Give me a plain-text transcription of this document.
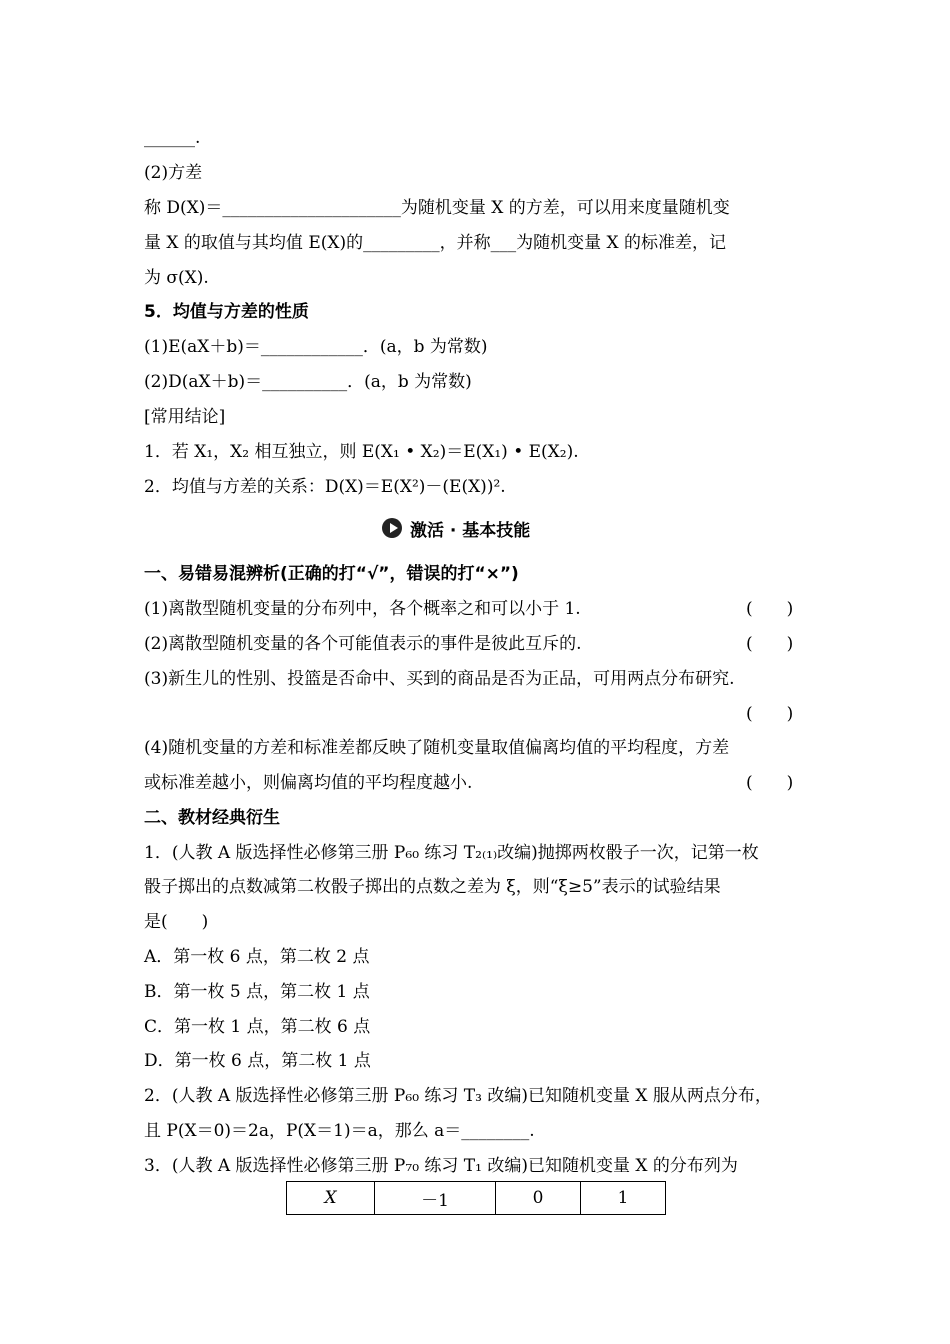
______.
(2)方差
称 D(X)＝_____________________为随机变量 X 的方差，可以用来度量随机变
量 X 的取值与其均值 E(X)的_________，并称___为随机变量 X 的标准差，记
为 σ(X).
5．均值与方差的性质
(1)E(aX＋b)＝____________．(a，b 为常数)
(2)D(aX＋b)＝__________．(a，b 为常数)
[常用结论]
1．若 X₁，X₂ 相互独立，则 E(X₁ • X₂)＝E(X₁) • E(X₂).
2．均值与方差的关系：D(X)＝E(X²)－(E(X))².
激活 · 基本技能
一、易错易混辨析(正确的打“√”，错误的打“×”)
(1)离散型随机变量的分布列中，各个概率之和可以小于 1.	(　　)
(2)离散型随机变量的各个可能值表示的事件是彼此互斥的.	(　　)
(3)新生儿的性别、投篮是否命中、买到的商品是否为正品，可用两点分布研究.
(　　)
(4)随机变量的方差和标准差都反映了随机变量取值偏离均值的平均程度，方差
或标准差越小，则偏离均值的平均程度越小.	(　　)
二、教材经典衍生
1．(人教 A 版选择性必修第三册 P₆₀ 练习 T₂₍₁₎改编)抛掷两枚骰子一次，记第一枚
骰子掷出的点数减第二枚骰子掷出的点数之差为 ξ，则“ξ≥5”表示的试验结果
是(　　)
A．第一枚 6 点，第二枚 2 点
B．第一枚 5 点，第二枚 1 点
C．第一枚 1 点，第二枚 6 点
D．第一枚 6 点，第二枚 1 点
2．(人教 A 版选择性必修第三册 P₆₀ 练习 T₃ 改编)已知随机变量 X 服从两点分布，
且 P(X＝0)＝2a，P(X＝1)＝a，那么 a＝________.
3．(人教 A 版选择性必修第三册 P₇₀ 练习 T₁ 改编)已知随机变量 X 的分布列为
X	－1	0	1
